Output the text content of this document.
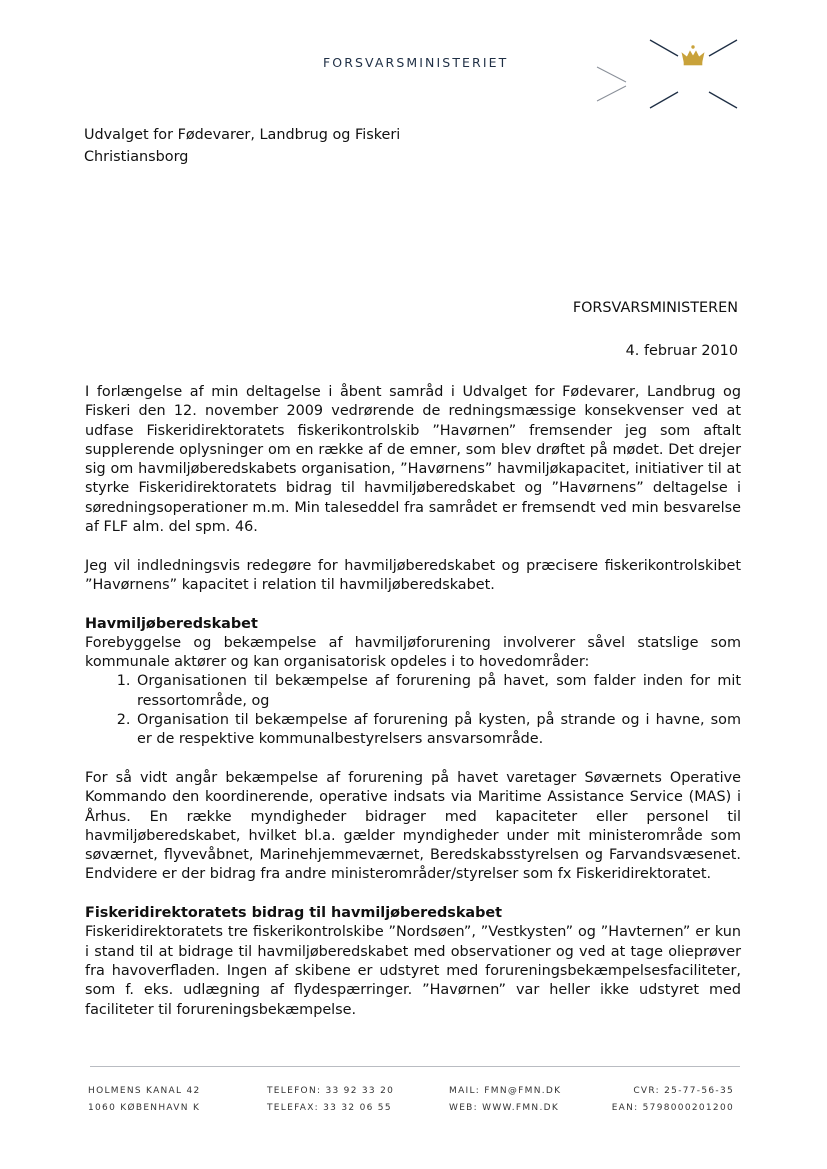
FORSVARSMINISTERIET
Udvalget for Fødevarer, Landbrug og Fiskeri
Christiansborg
FORSVARSMINISTEREN
4. februar 2010

I forlængelse af min deltagelse i åbent samråd i Udvalget for Fødevarer, Landbrug og Fiskeri den 12. november 2009 vedrørende de redningsmæssige konsekvenser ved at udfase Fiskeridirektoratets fiskerikontrolskib ”Havørnen” fremsender jeg som aftalt supplerende oplysninger om en række af de emner, som blev drøftet på mødet. Det drejer sig om havmiljøberedskabets organisation, ”Havørnens” havmiljøkapacitet, initiativer til at styrke Fiskeridirektoratets bidrag til havmiljøberedskabet og ”Havørnens” deltagelse i søredningsoperationer m.m. Min taleseddel fra samrådet er fremsendt ved min besvarelse af FLF alm. del spm. 46.

Jeg vil indledningsvis redegøre for havmiljøberedskabet og præcisere fiskerikontrolskibet ”Havørnens” kapacitet i relation til havmiljøberedskabet.

Havmiljøberedskabet

Forebyggelse og bekæmpelse af havmiljøforurening involverer såvel statslige som kommunale aktører og kan organisatorisk opdeles i to hovedområder:

1. Organisationen til bekæmpelse af forurening på havet, som falder inden for mit ressortområde, og
2. Organisation til bekæmpelse af forurening på kysten, på strande og i havne, som er de respektive kommunalbestyrelsers ansvarsområde.

For så vidt angår bekæmpelse af forurening på havet varetager Søværnets Operative Kommando den koordinerende, operative indsats via Maritime Assistance Service (MAS) i Århus. En række myndigheder bidrager med kapaciteter eller personel til havmiljøberedskabet, hvilket bl.a. gælder myndigheder under mit ministerområde som søværnet, flyvevåbnet, Marinehjemmeværnet, Beredskabsstyrelsen og Farvandsvæsenet. Endvidere er der bidrag fra andre ministerområder/styrelser som fx Fiskeridirektoratet.

Fiskeridirektoratets bidrag til havmiljøberedskabet

Fiskeridirektoratets tre fiskerikontrolskibe ”Nordsøen”, ”Vestkysten” og ”Havternen” er kun i stand til at bidrage til havmiljøberedskabet med observationer og ved at tage olieprøver fra havoverfladen. Ingen af skibene er udstyret med forureningsbekæmpelsesfaciliteter, som f. eks. udlægning af flydespærringer. ”Havørnen” var heller ikke udstyret med faciliteter til forureningsbekæmpelse.

HOLMENS KANAL 42
1060 KØBENHAVN K
TELEFON: 33 92 33 20
TELEFAX: 33 32 06 55
MAIL: FMN@FMN.DK
WEB: WWW.FMN.DK
CVR: 25-77-56-35
EAN: 5798000201200
